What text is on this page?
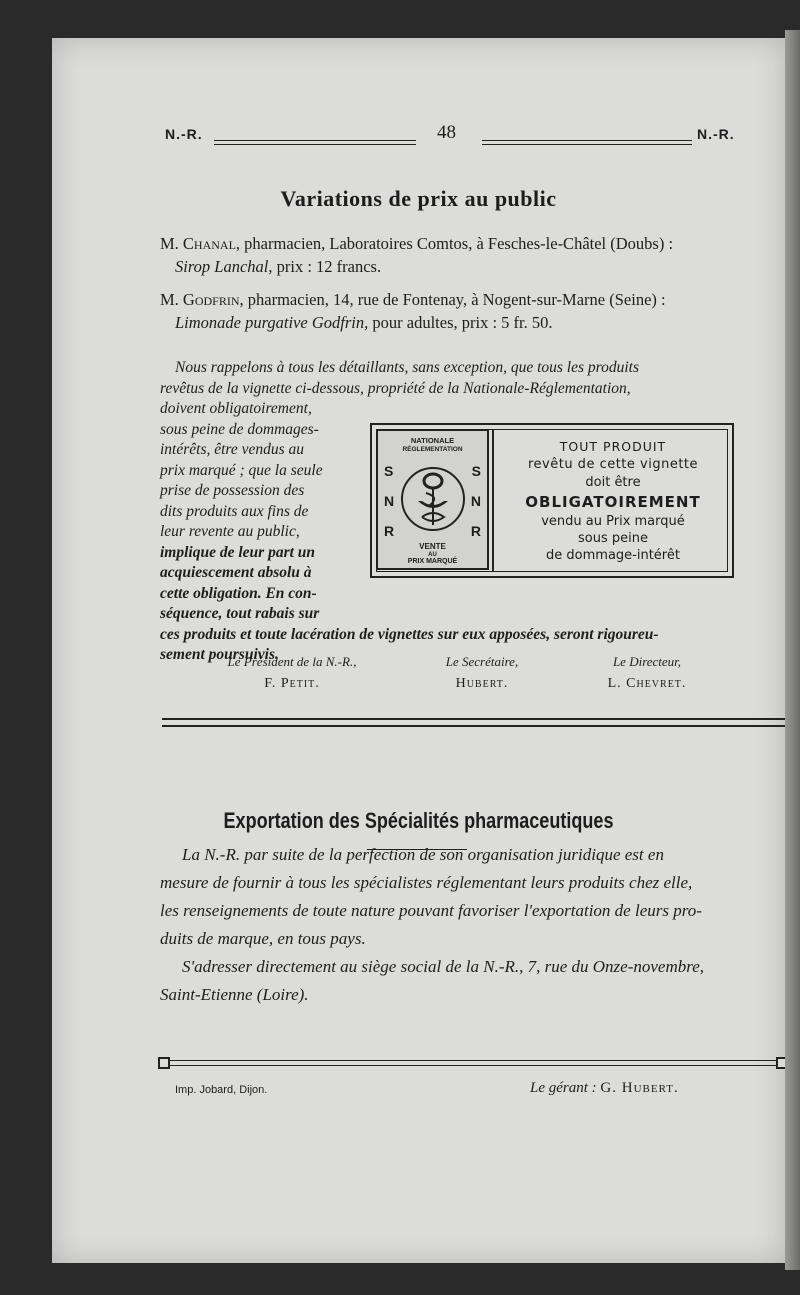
N.-R.	48	N.-R.
Variations de prix au public
M. Chanal, pharmacien, Laboratoires Comtos, à Fesches-le-Châtel (Doubs) :
Sirop Lanchal, prix : 12 francs.
M. Godfrin, pharmacien, 14, rue de Fontenay, à Nogent-sur-Marne (Seine) :
Limonade purgative Godfrin, pour adultes, prix : 5 fr. 50.
Nous rappelons à tous les détaillants, sans exception, que tous les produits
revêtus de la vignette ci-dessous, propriété de la Nationale-Réglementation,
doivent obligatoirement,
sous peine de dommages-
intérêts, être vendus au
prix marqué ; que la seule
prise de possession des
dits produits aux fins de
leur revente au public,
implique de leur part un
acquiescement absolu à
cette obligation. En con-
séquence, tout rabais sur
ces produits et toute lacération de vignettes sur eux apposées, seront rigoureu-
sement poursuivis.
NATIONALE
RÉGLEMENTATION
S
N
R
S
N
R
VENTE
AU
PRIX MARQUÉ
TOUT PRODUIT
revêtu de cette vignette
doit être
OBLIGATOIREMENT
vendu au Prix marqué
sous peine
de dommage-intérêt
Le Président de la N.-R.,
F. Petit.
Le Secrétaire,
Hubert.
Le Directeur,
L. Chevret.
Exportation des Spécialités pharmaceutiques
La N.-R. par suite de la perfection de son organisation juridique est en
mesure de fournir à tous les spécialistes réglementant leurs produits chez elle,
les renseignements de toute nature pouvant favoriser l'exportation de leurs pro-
duits de marque, en tous pays.
S'adresser directement au siège social de la N.-R., 7, rue du Onze-novembre,
Saint-Etienne (Loire).
Imp. Jobard, Dijon.	Le gérant : G. Hubert.
